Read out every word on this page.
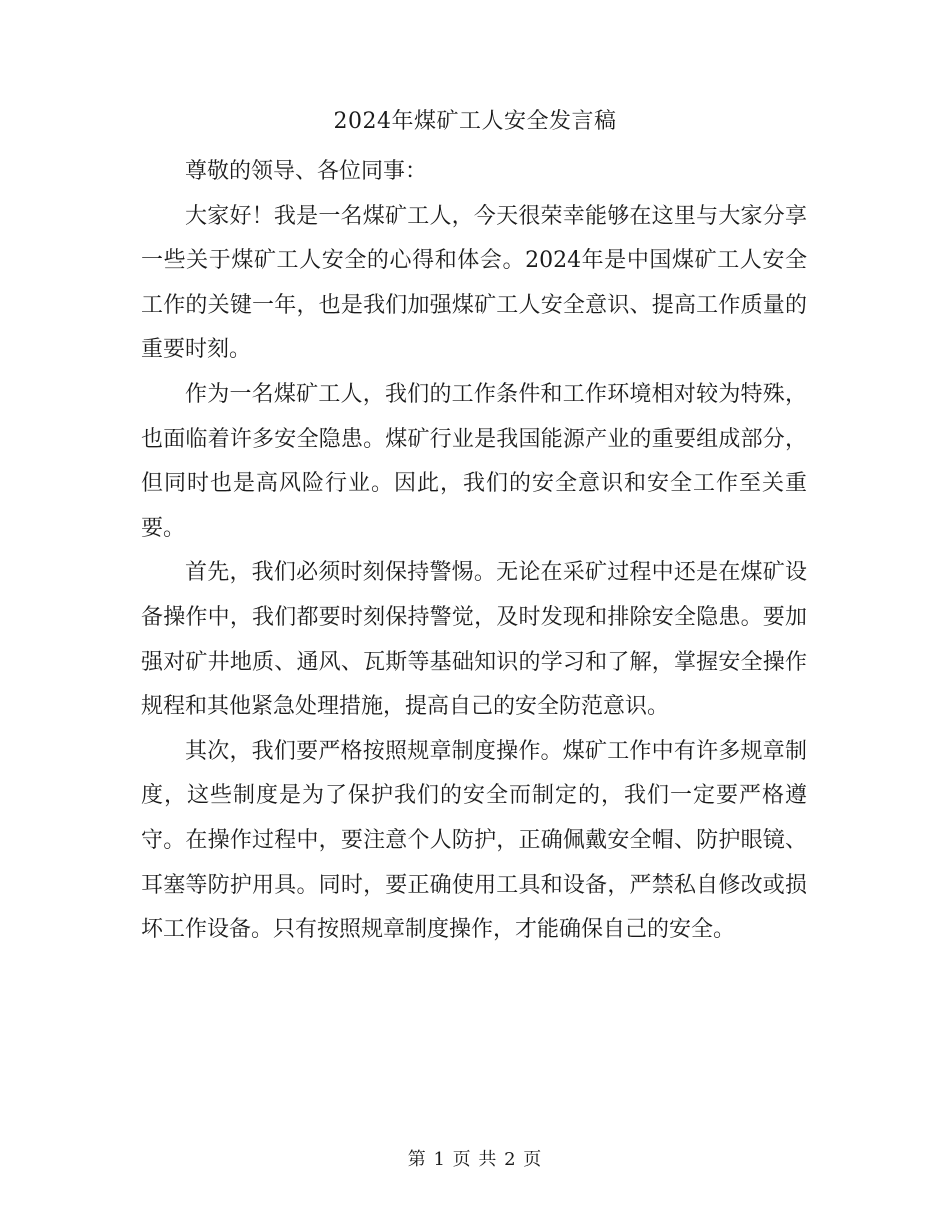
2024年煤矿工人安全发言稿

尊敬的领导、各位同事：

大家好！我是一名煤矿工人，今天很荣幸能够在这里与大家分享一些关于煤矿工人安全的心得和体会。2024年是中国煤矿工人安全工作的关键一年，也是我们加强煤矿工人安全意识、提高工作质量的重要时刻。

作为一名煤矿工人，我们的工作条件和工作环境相对较为特殊，也面临着许多安全隐患。煤矿行业是我国能源产业的重要组成部分，但同时也是高风险行业。因此，我们的安全意识和安全工作至关重要。

首先，我们必须时刻保持警惕。无论在采矿过程中还是在煤矿设备操作中，我们都要时刻保持警觉，及时发现和排除安全隐患。要加强对矿井地质、通风、瓦斯等基础知识的学习和了解，掌握安全操作规程和其他紧急处理措施，提高自己的安全防范意识。

其次，我们要严格按照规章制度操作。煤矿工作中有许多规章制度，这些制度是为了保护我们的安全而制定的，我们一定要严格遵守。在操作过程中，要注意个人防护，正确佩戴安全帽、防护眼镜、耳塞等防护用具。同时，要正确使用工具和设备，严禁私自修改或损坏工作设备。只有按照规章制度操作，才能确保自己的安全。

第 1 页 共 2 页
